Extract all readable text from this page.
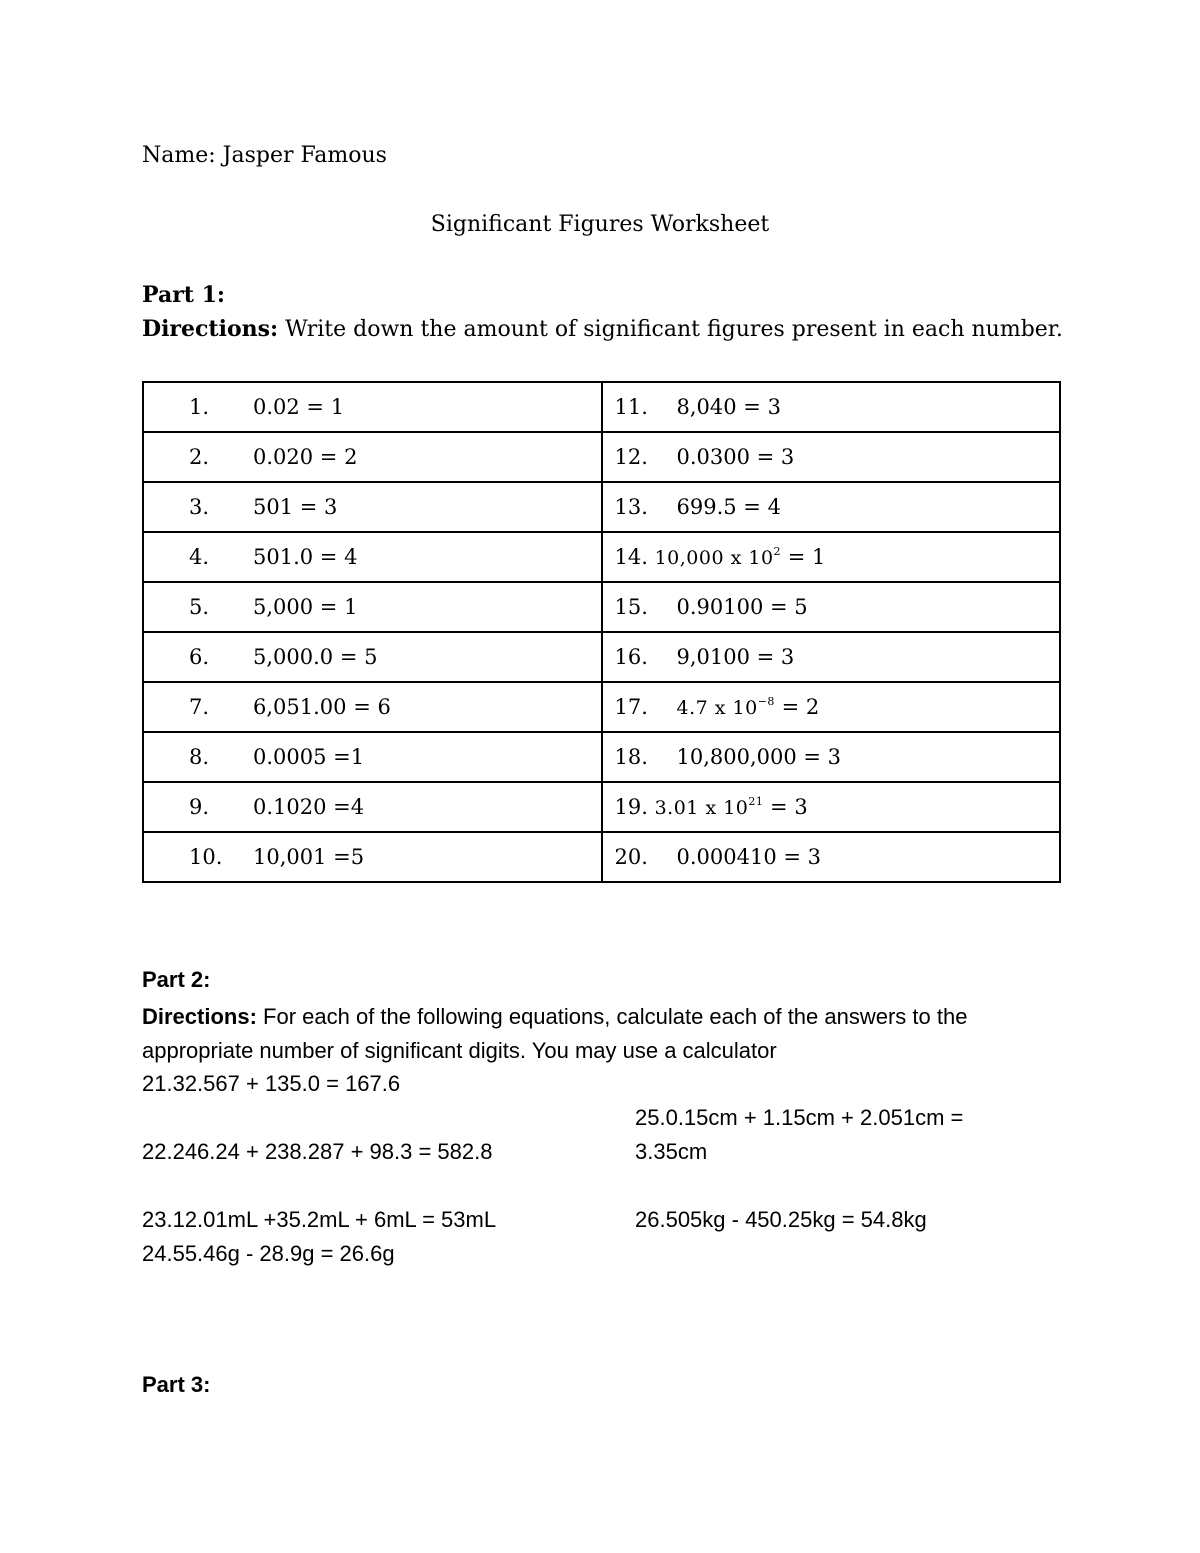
Name: Jasper Famous
Significant Figures Worksheet
Part 1:
Directions: Write down the amount of significant figures present in each number.
1. 0.02 = 1	11. 8,040 = 3
2. 0.020 = 2	12. 0.0300 = 3
3. 501 = 3	13. 699.5 = 4
4. 501.0 = 4	14. 10,000 x $10^2 = 1$
5. 5,000 = 1	15. 0.90100 = 5
6. 5,000.0 = 5	16. 9,0100 = 3
7. 6,051.00 = 6	17. 4.7 x $10^{-8} = 2$
8. 0.0005 =1	18. 10,800,000 = 3
9. 0.1020 =4	19. 3.01 x $10^{21} = 3$
10. 10,001 =5	20. 0.000410 = 3
Part 2:
Directions: For each of the following equations, calculate each of the answers to the appropriate number of significant digits. You may use a calculator
21.32.567 + 135.0 = 167.6
25.0.15cm + 1.15cm + 2.051cm =
22.246.24 + 238.287 + 98.3 = 582.8	3.35cm
23.12.01mL +35.2mL + 6mL = 53mL	26.505kg - 450.25kg = 54.8kg
24.55.46g - 28.9g = 26.6g
Part 3:
